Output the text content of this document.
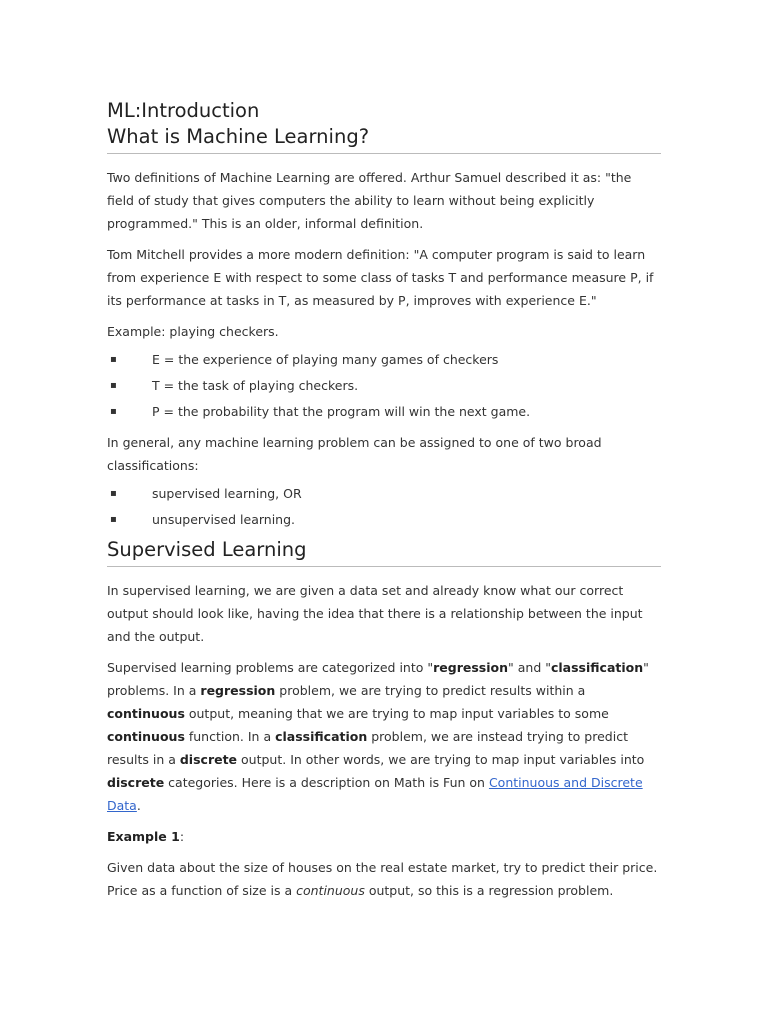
ML:Introduction
What is Machine Learning?

Two definitions of Machine Learning are offered. Arthur Samuel described it as: "the field of study that gives computers the ability to learn without being explicitly programmed." This is an older, informal definition.

Tom Mitchell provides a more modern definition: "A computer program is said to learn from experience E with respect to some class of tasks T and performance measure P, if its performance at tasks in T, as measured by P, improves with experience E."

Example: playing checkers.

▪	E = the experience of playing many games of checkers
▪	T = the task of playing checkers.
▪	P = the probability that the program will win the next game.

In general, any machine learning problem can be assigned to one of two broad classifications:

▪	supervised learning, OR
▪	unsupervised learning.
Supervised Learning

In supervised learning, we are given a data set and already know what our correct output should look like, having the idea that there is a relationship between the input and the output.

Supervised learning problems are categorized into "regression" and "classification" problems. In a regression problem, we are trying to predict results within a continuous output, meaning that we are trying to map input variables to some continuous function. In a classification problem, we are instead trying to predict results in a discrete output. In other words, we are trying to map input variables into discrete categories. Here is a description on Math is Fun on Continuous and Discrete Data.

Example 1:

Given data about the size of houses on the real estate market, try to predict their price. Price as a function of size is a continuous output, so this is a regression problem.
